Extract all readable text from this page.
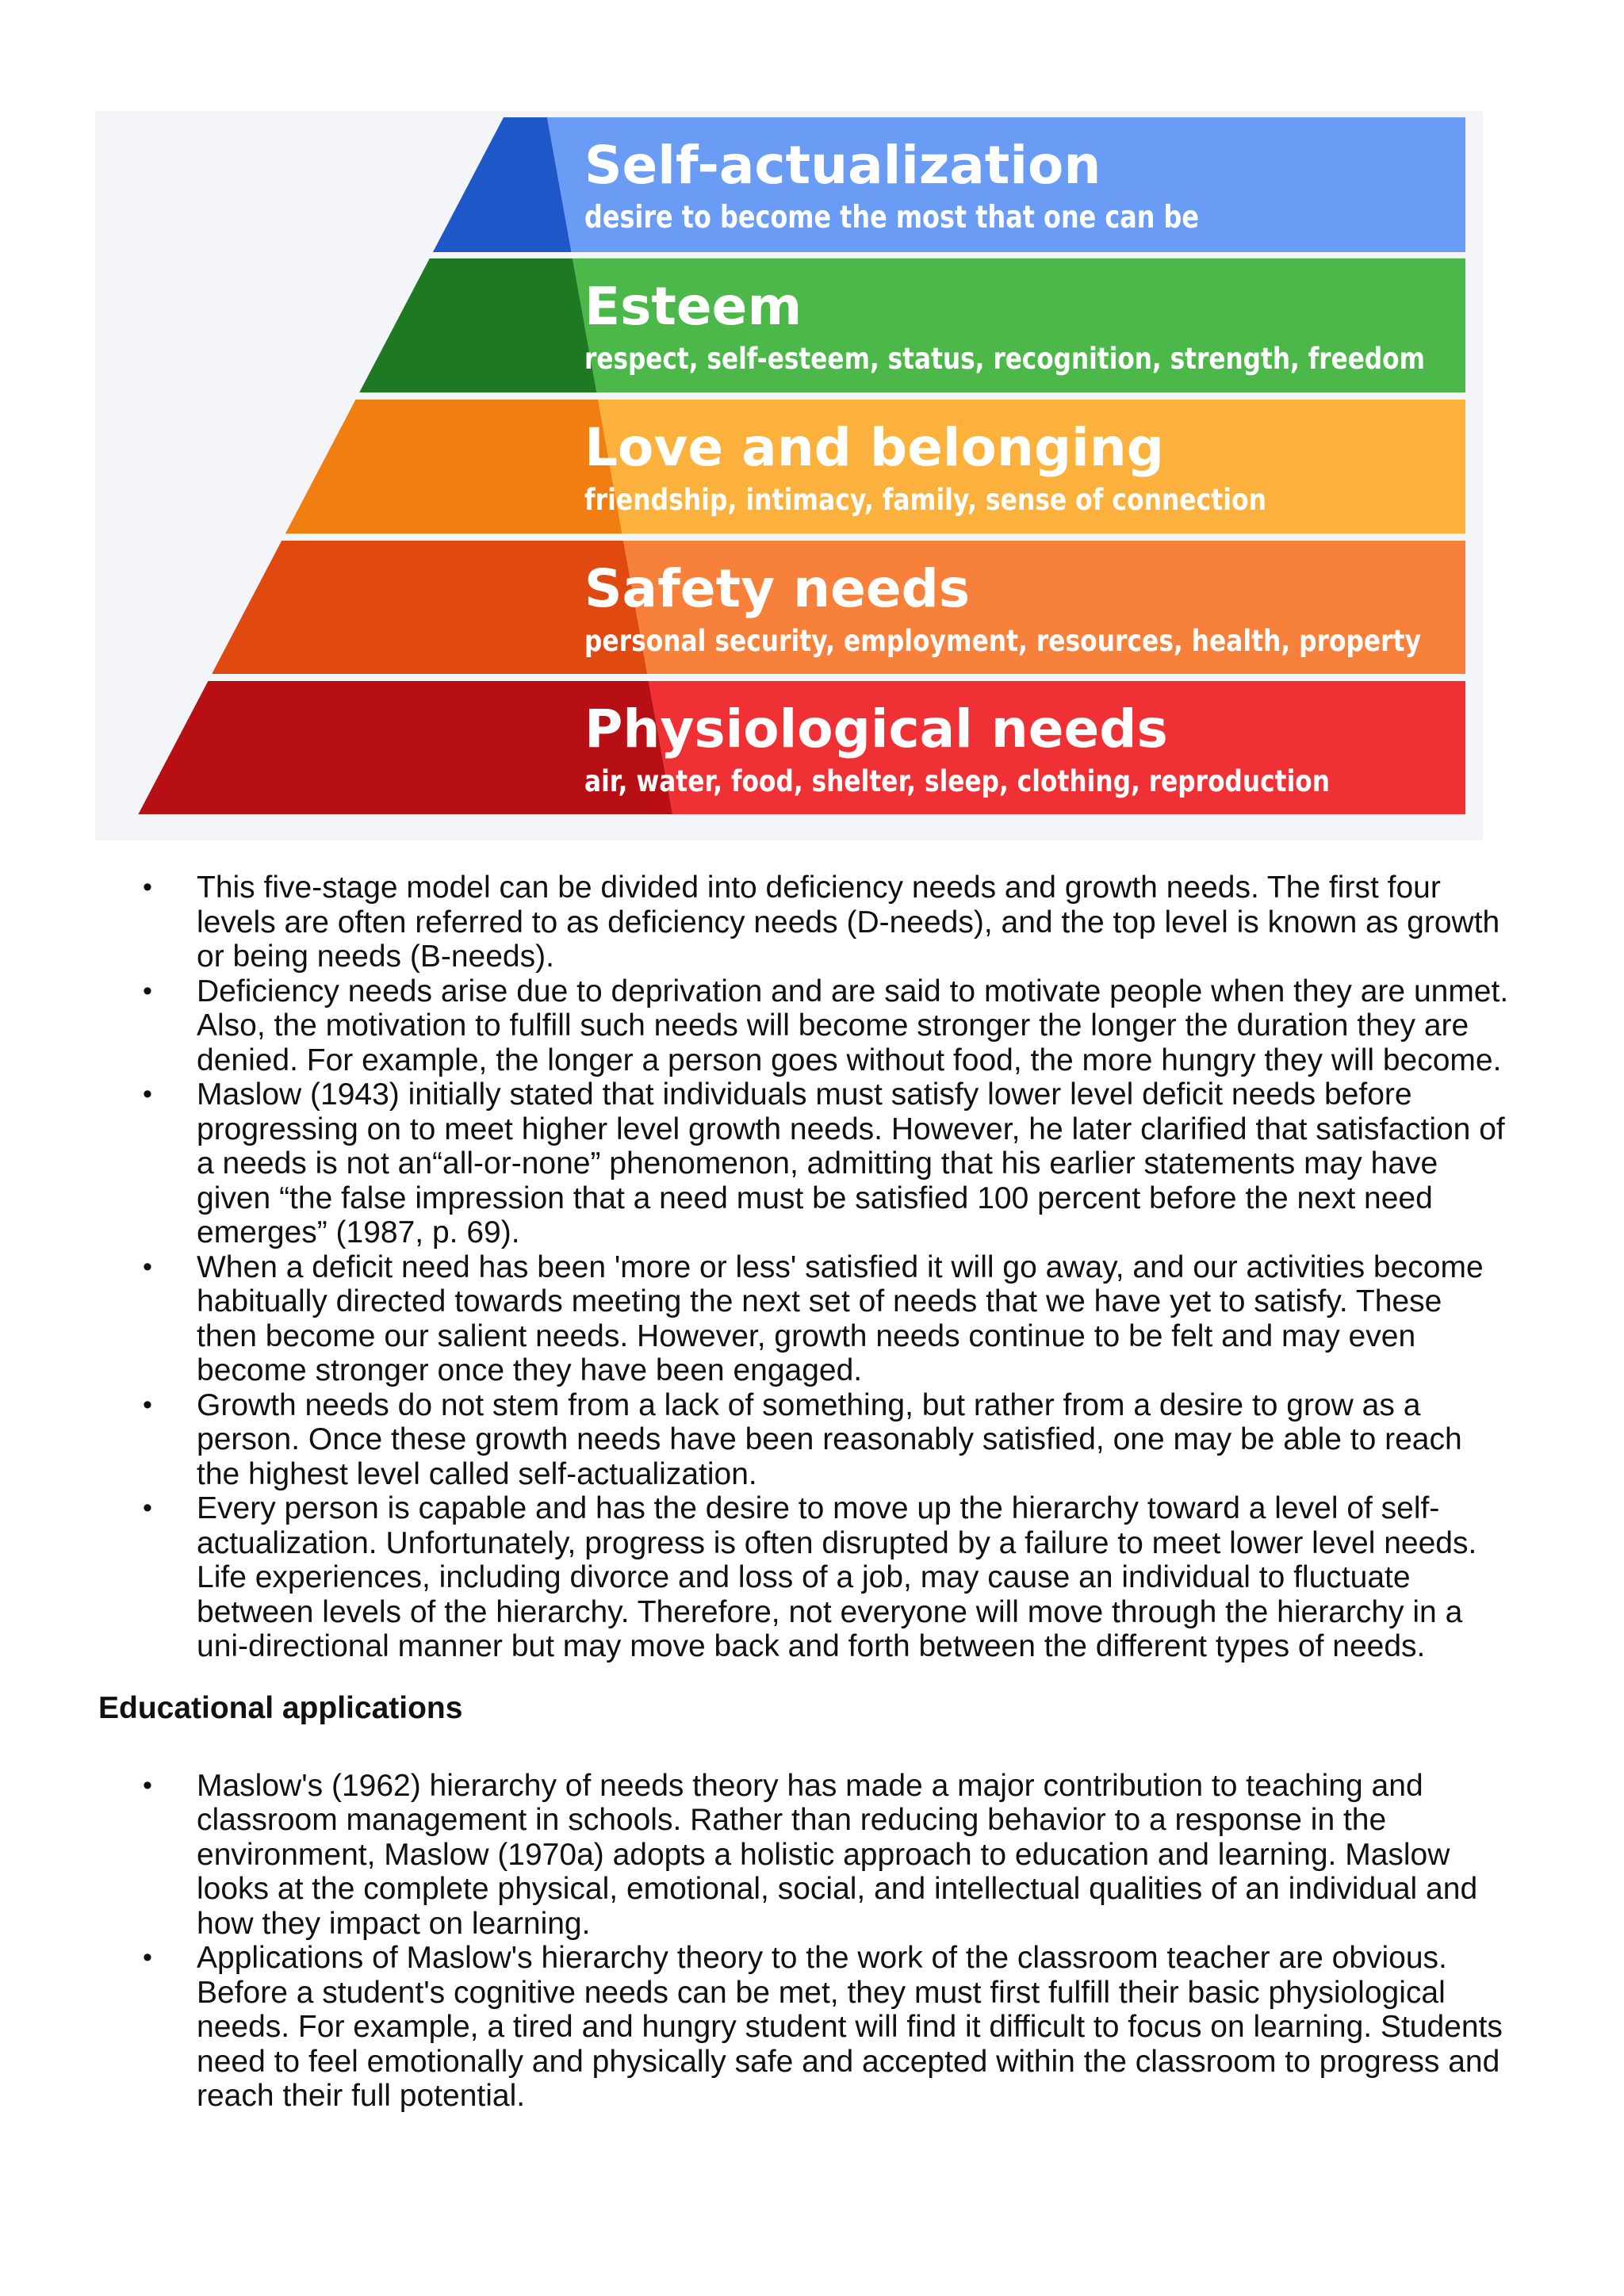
Self-actualization
desire to become the most that one can be
Esteem
respect, self-esteem, status, recognition, strength, freedom
Love and belonging
friendship, intimacy, family, sense of connection
Safety needs
personal security, employment, resources, health, property
Physiological needs
air, water, food, shelter, sleep, clothing, reproduction
• This five-stage model can be divided into deficiency needs and growth needs. The first four levels are often referred to as deficiency needs (D-needs), and the top level is known as growth or being needs (B-needs).
• Deficiency needs arise due to deprivation and are said to motivate people when they are unmet. Also, the motivation to fulfill such needs will become stronger the longer the duration they are denied. For example, the longer a person goes without food, the more hungry they will become.
• Maslow (1943) initially stated that individuals must satisfy lower level deficit needs before progressing on to meet higher level growth needs. However, he later clarified that satisfaction of a needs is not an“all-or-none” phenomenon, admitting that his earlier statements may have given “the false impression that a need must be satisfied 100 percent before the next need emerges” (1987, p. 69).
• When a deficit need has been 'more or less' satisfied it will go away, and our activities become habitually directed towards meeting the next set of needs that we have yet to satisfy. These then become our salient needs. However, growth needs continue to be felt and may even become stronger once they have been engaged.
• Growth needs do not stem from a lack of something, but rather from a desire to grow as a person. Once these growth needs have been reasonably satisfied, one may be able to reach the highest level called self-actualization.
• Every person is capable and has the desire to move up the hierarchy toward a level of self-actualization. Unfortunately, progress is often disrupted by a failure to meet lower level needs. Life experiences, including divorce and loss of a job, may cause an individual to fluctuate between levels of the hierarchy. Therefore, not everyone will move through the hierarchy in a uni-directional manner but may move back and forth between the different types of needs.
Educational applications
• Maslow's (1962) hierarchy of needs theory has made a major contribution to teaching and classroom management in schools. Rather than reducing behavior to a response in the environment, Maslow (1970a) adopts a holistic approach to education and learning. Maslow looks at the complete physical, emotional, social, and intellectual qualities of an individual and how they impact on learning.
• Applications of Maslow's hierarchy theory to the work of the classroom teacher are obvious. Before a student's cognitive needs can be met, they must first fulfill their basic physiological needs. For example, a tired and hungry student will find it difficult to focus on learning. Students need to feel emotionally and physically safe and accepted within the classroom to progress and reach their full potential.
